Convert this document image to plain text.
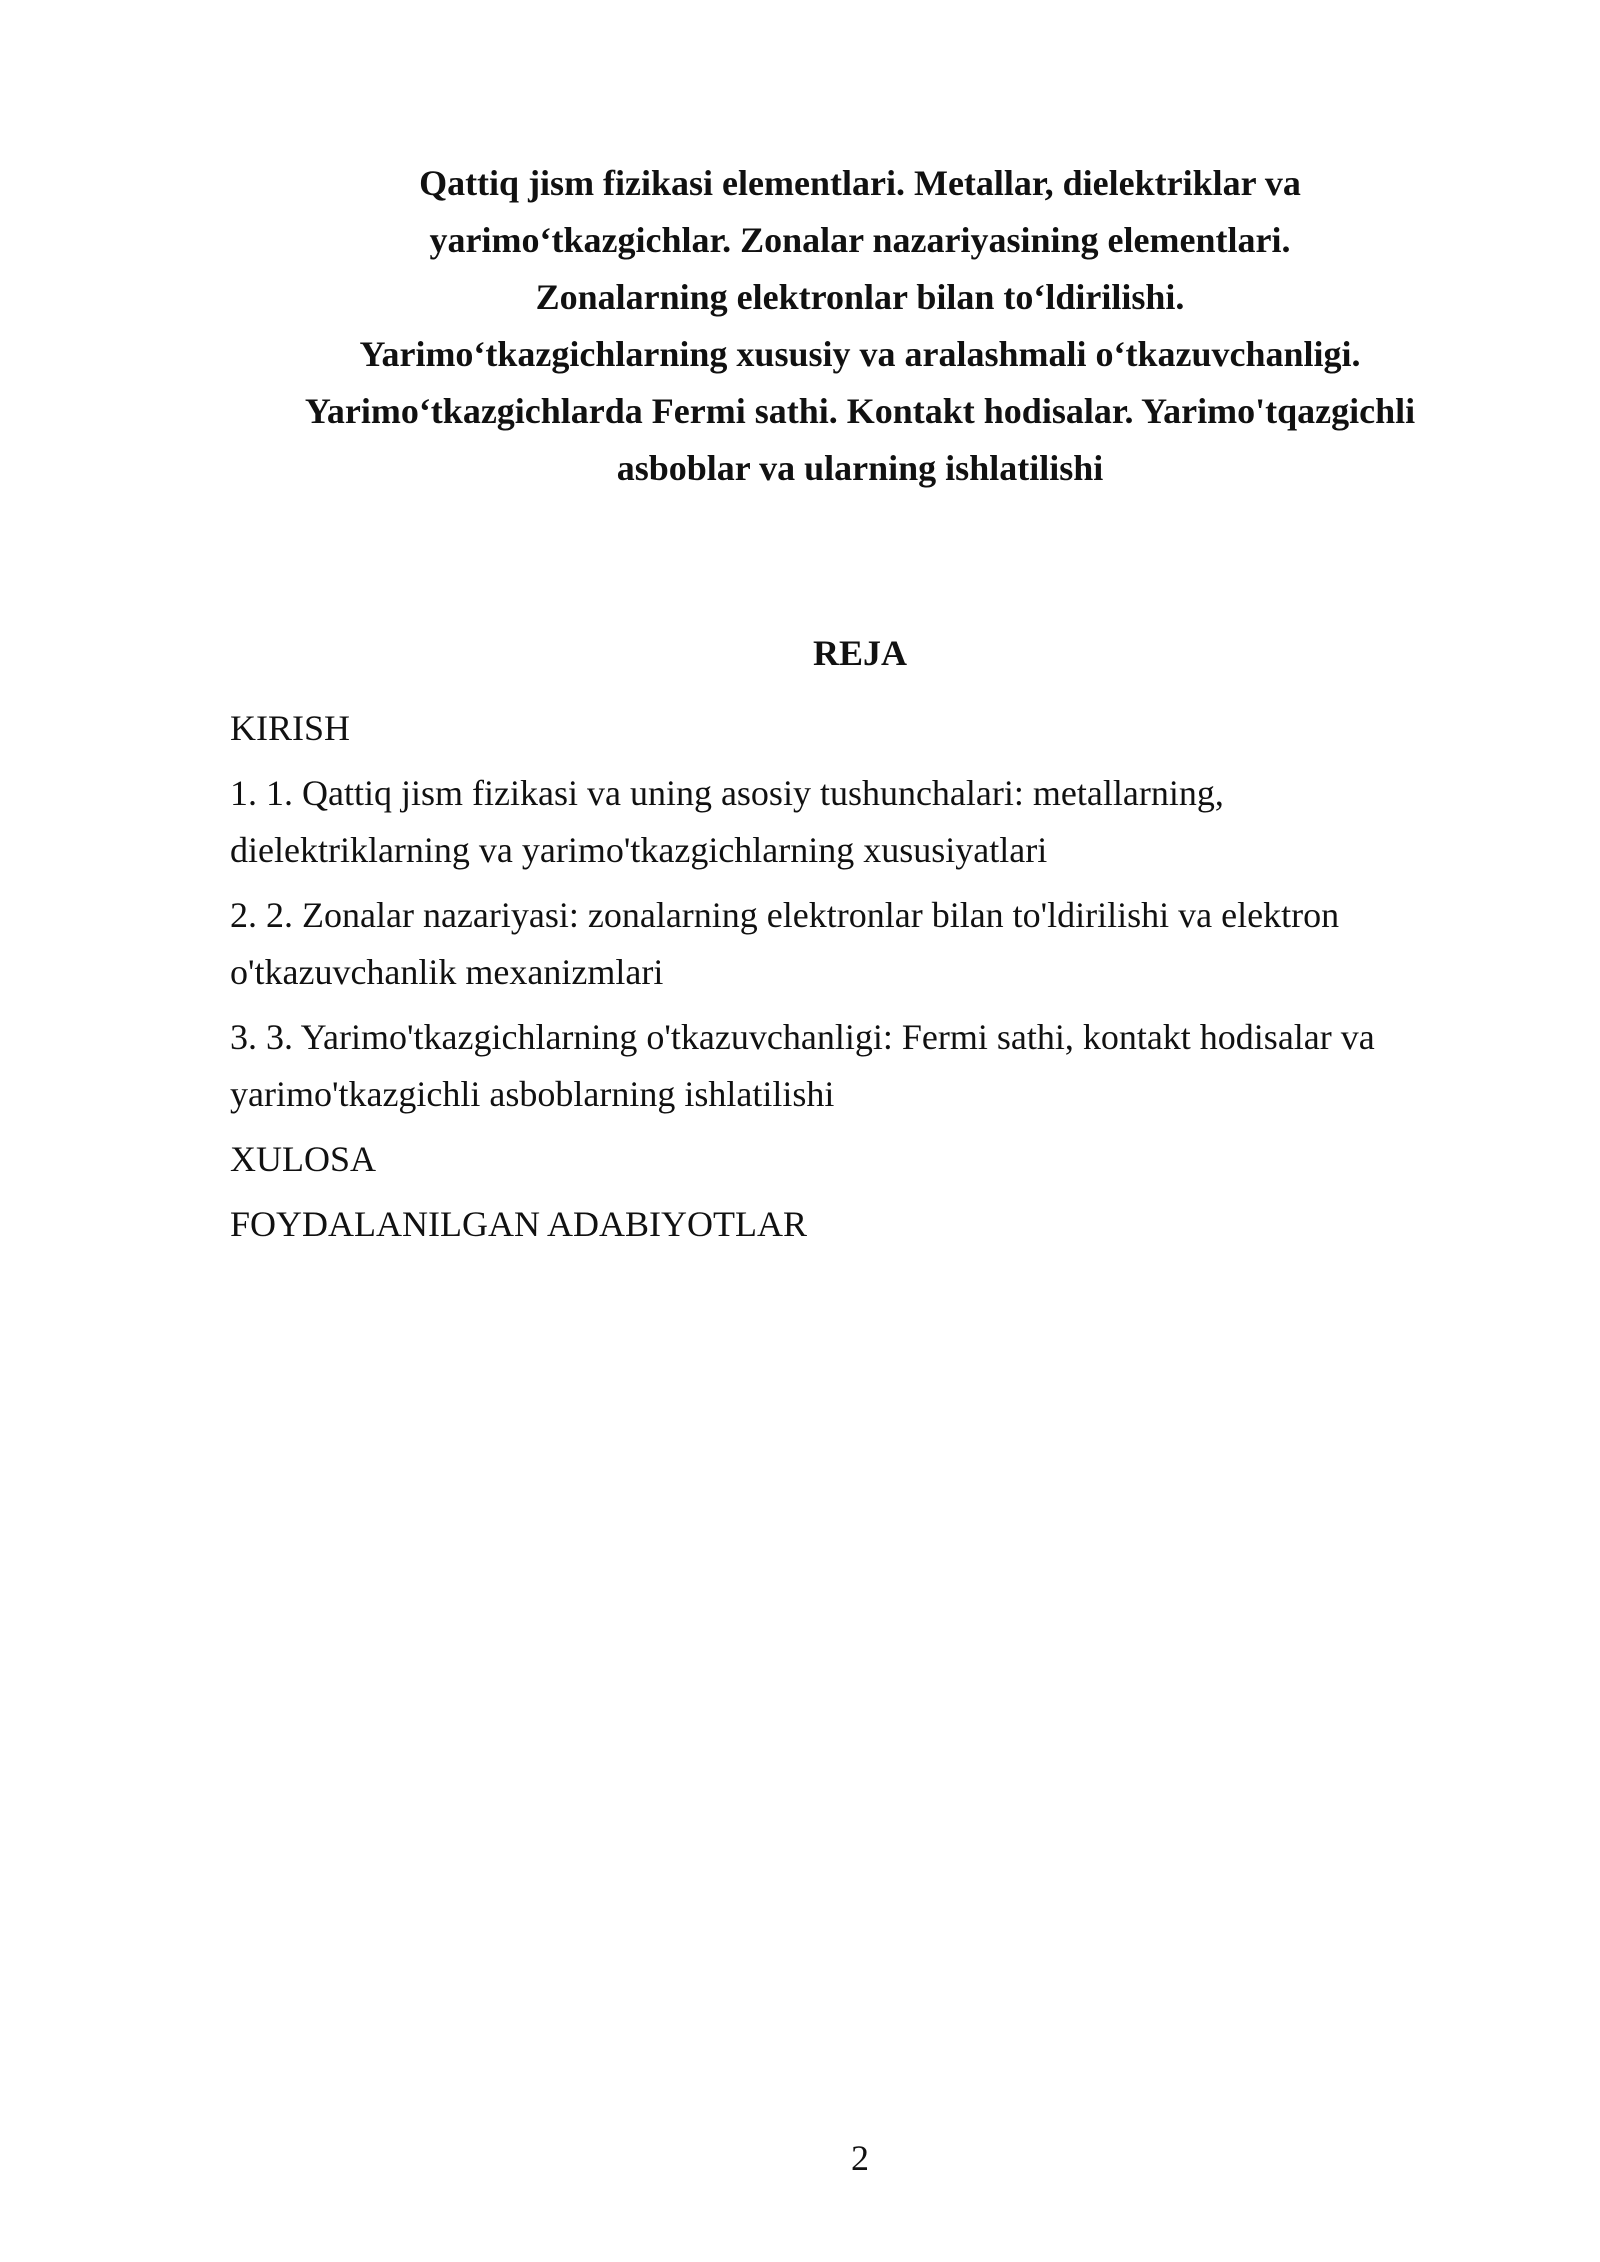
Qattiq jism fizikasi elementlari. Metallar, dielektriklar va
yarimo‘tkazgichlar. Zonalar nazariyasining elementlari.
Zonalarning elektronlar bilan to‘ldirilishi.
Yarimo‘tkazgichlarning xususiy va aralashmali o‘tkazuvchanligi.
Yarimo‘tkazgichlarda Fermi sathi. Kontakt hodisalar. Yarimo'tqazgichli
asboblar va ularning ishlatilishi
REJA
KIRISH
1. 1. Qattiq jism fizikasi va uning asosiy tushunchalari: metallarning,
dielektriklarning va yarimo'tkazgichlarning xususiyatlari
2. 2. Zonalar nazariyasi: zonalarning elektronlar bilan to'ldirilishi va elektron
o'tkazuvchanlik mexanizmlari
3. 3. Yarimo'tkazgichlarning o'tkazuvchanligi: Fermi sathi, kontakt hodisalar va
yarimo'tkazgichli asboblarning ishlatilishi
XULOSA
FOYDALANILGAN ADABIYOTLAR
2
